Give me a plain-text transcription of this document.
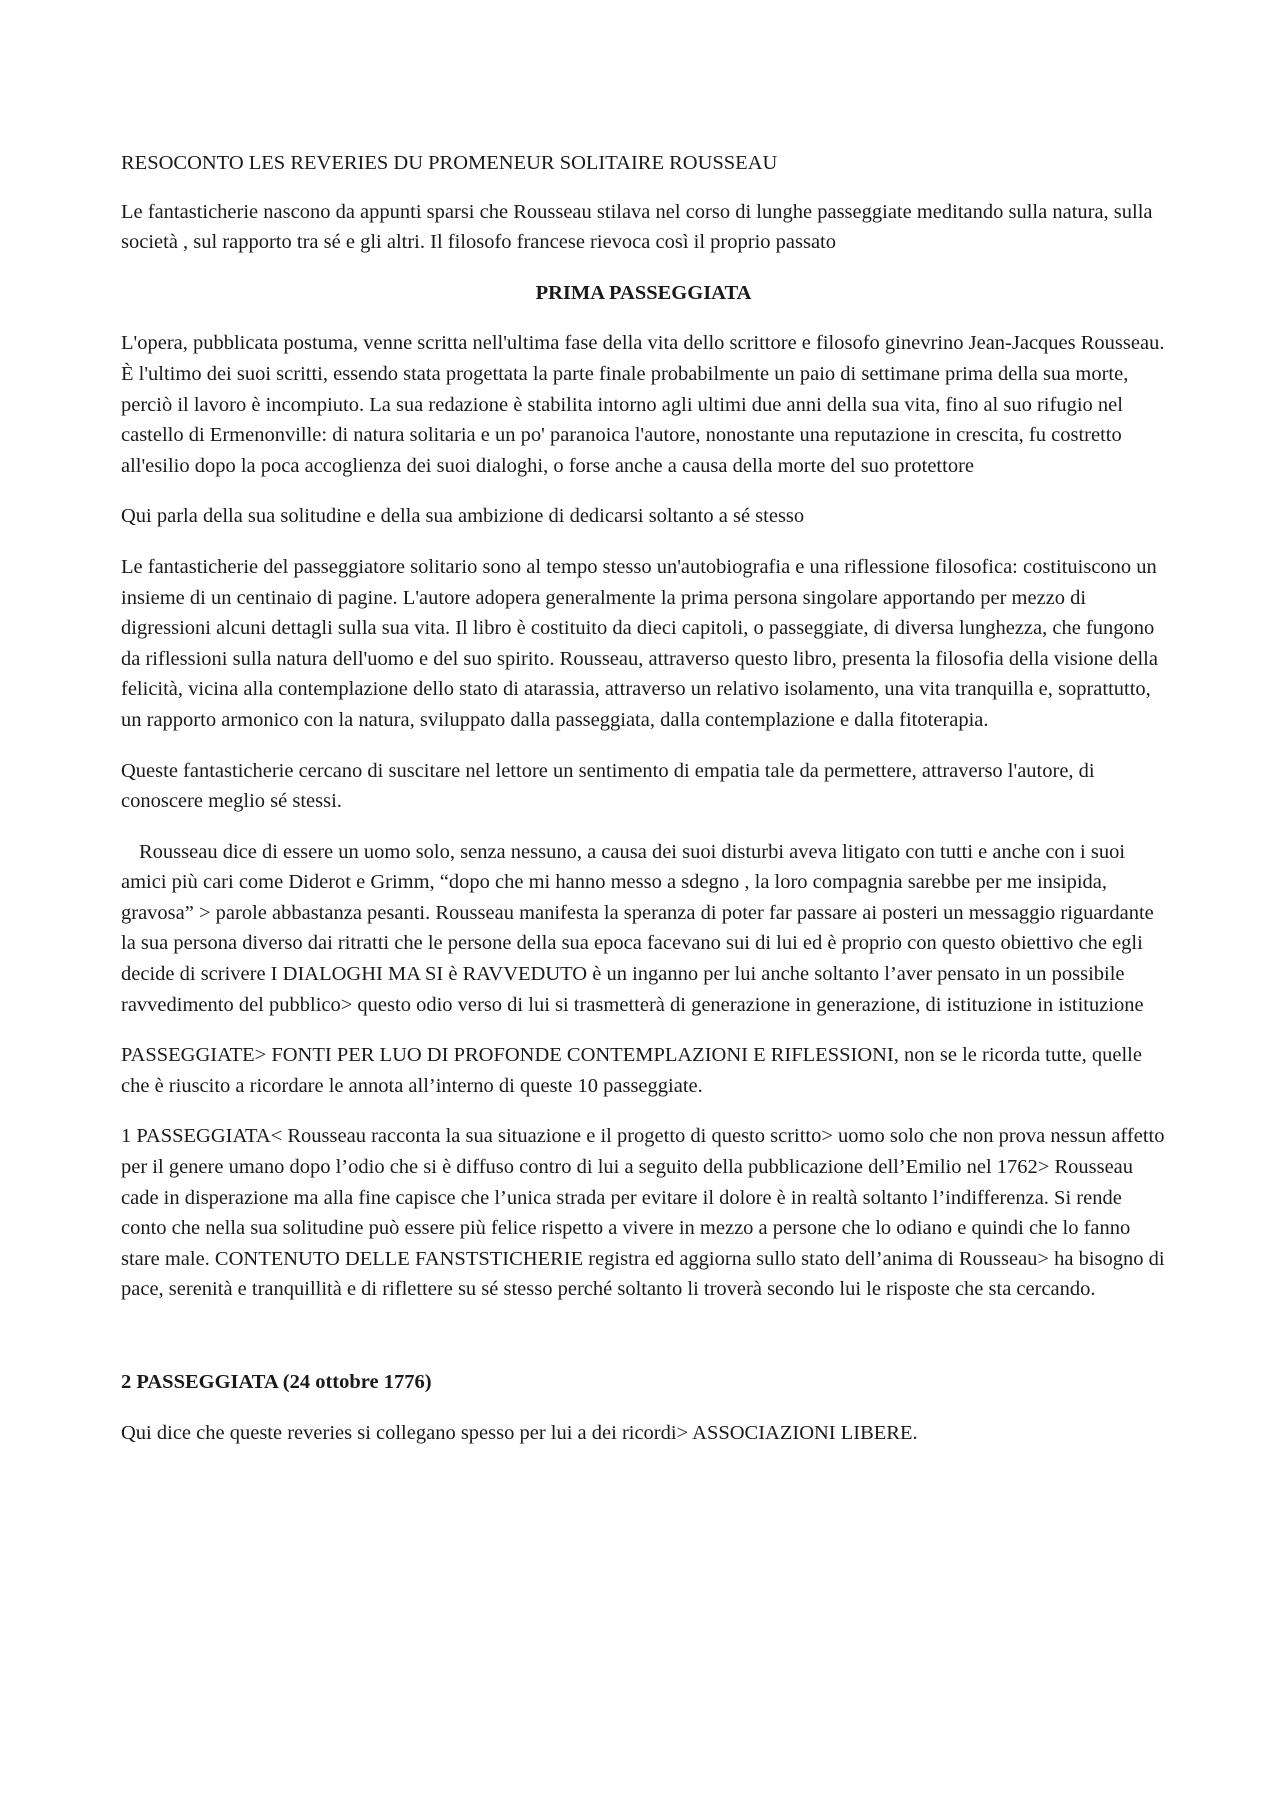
RESOCONTO LES REVERIES DU PROMENEUR SOLITAIRE ROUSSEAU

Le fantasticherie nascono da appunti sparsi che Rousseau stilava nel corso di lunghe passeggiate meditando sulla natura, sulla società , sul rapporto tra sé e gli altri. Il filosofo francese rievoca così il proprio passato

PRIMA PASSEGGIATA

L'opera, pubblicata postuma, venne scritta nell'ultima fase della vita dello scrittore e filosofo ginevrino Jean-Jacques Rousseau. È l'ultimo dei suoi scritti, essendo stata progettata la parte finale probabilmente un paio di settimane prima della sua morte, perciò il lavoro è incompiuto. La sua redazione è stabilita intorno agli ultimi due anni della sua vita, fino al suo rifugio nel castello di Ermenonville: di natura solitaria e un po' paranoica l'autore, nonostante una reputazione in crescita, fu costretto all'esilio dopo la poca accoglienza dei suoi dialoghi, o forse anche a causa della morte del suo protettore

Qui parla della sua solitudine e della sua ambizione di dedicarsi soltanto a sé stesso

Le fantasticherie del passeggiatore solitario sono al tempo stesso un'autobiografia e una riflessione filosofica: costituiscono un insieme di un centinaio di pagine. L'autore adopera generalmente la prima persona singolare apportando per mezzo di digressioni alcuni dettagli sulla sua vita. Il libro è costituito da dieci capitoli, o passeggiate, di diversa lunghezza, che fungono da riflessioni sulla natura dell'uomo e del suo spirito. Rousseau, attraverso questo libro, presenta la filosofia della visione della felicità, vicina alla contemplazione dello stato di atarassia, attraverso un relativo isolamento, una vita tranquilla e, soprattutto, un rapporto armonico con la natura, sviluppato dalla passeggiata, dalla contemplazione e dalla fitoterapia.

Queste fantasticherie cercano di suscitare nel lettore un sentimento di empatia tale da permettere, attraverso l'autore, di conoscere meglio sé stessi.

Rousseau dice di essere un uomo solo, senza nessuno, a causa dei suoi disturbi aveva litigato con tutti e anche con i suoi amici più cari come Diderot e Grimm, “dopo che mi hanno messo a sdegno , la loro compagnia sarebbe per me insipida, gravosa” > parole abbastanza pesanti. Rousseau manifesta la speranza di poter far passare ai posteri un messaggio riguardante la sua persona diverso dai ritratti che le persone della sua epoca facevano sui di lui ed è proprio con questo obiettivo che egli decide di scrivere I DIALOGHI MA SI è RAVVEDUTO è un inganno per lui anche soltanto l’aver pensato in un possibile ravvedimento del pubblico> questo odio verso di lui si trasmetterà di generazione in generazione, di istituzione in istituzione

PASSEGGIATE> FONTI PER LUO DI PROFONDE CONTEMPLAZIONI E RIFLESSIONI, non se le ricorda tutte, quelle che è riuscito a ricordare le annota all’interno di queste 10 passeggiate.

1 PASSEGGIATA< Rousseau racconta la sua situazione e il progetto di questo scritto> uomo solo che non prova nessun affetto per il genere umano dopo l’odio che si è diffuso contro di lui a seguito della pubblicazione dell’Emilio nel 1762> Rousseau cade in disperazione ma alla fine capisce che l’unica strada per evitare il dolore è in realtà soltanto l’indifferenza. Si rende conto che nella sua solitudine può essere più felice rispetto a vivere in mezzo a persone che lo odiano e quindi che lo fanno stare male. CONTENUTO DELLE FANSTSTICHERIE registra ed aggiorna sullo stato dell’anima di Rousseau> ha bisogno di pace, serenità e tranquillità e di riflettere su sé stesso perché soltanto li troverà secondo lui le risposte che sta cercando.

2 PASSEGGIATA (24 ottobre 1776)

Qui dice che queste reveries si collegano spesso per lui a dei ricordi> ASSOCIAZIONI LIBERE.
